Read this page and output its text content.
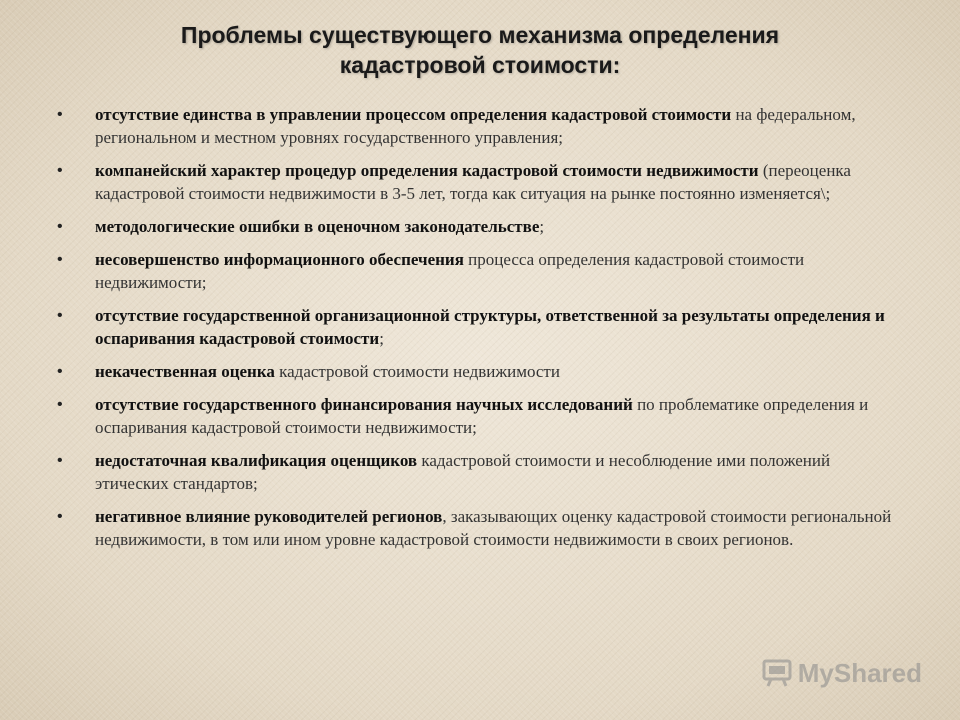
Проблемы существующего механизма определения
кадастровой стоимости:
• отсутствие единства в управлении процессом определения кадастровой стоимости на федеральном, региональном и местном уровнях государственного управления;
• компанейский характер процедур определения кадастровой стоимости недвижимости (переоценка кадастровой стоимости недвижимости в 3-5 лет, тогда как ситуация на рынке постоянно изменяется\;
• методологические ошибки в оценочном законодательстве;
• несовершенство информационного обеспечения процесса определения кадастровой стоимости недвижимости;
• отсутствие государственной организационной структуры, ответственной за результаты определения и оспаривания кадастровой стоимости;
• некачественная оценка кадастровой стоимости недвижимости
• отсутствие государственного финансирования научных исследований по проблематике определения и оспаривания кадастровой стоимости недвижимости;
• недостаточная квалификация оценщиков кадастровой стоимости и несоблюдение ими положений этических стандартов;
• негативное влияние руководителей регионов, заказывающих оценку кадастровой стоимости региональной недвижимости, в том или ином уровне кадастровой стоимости недвижимости в своих регионов.
MyShared
